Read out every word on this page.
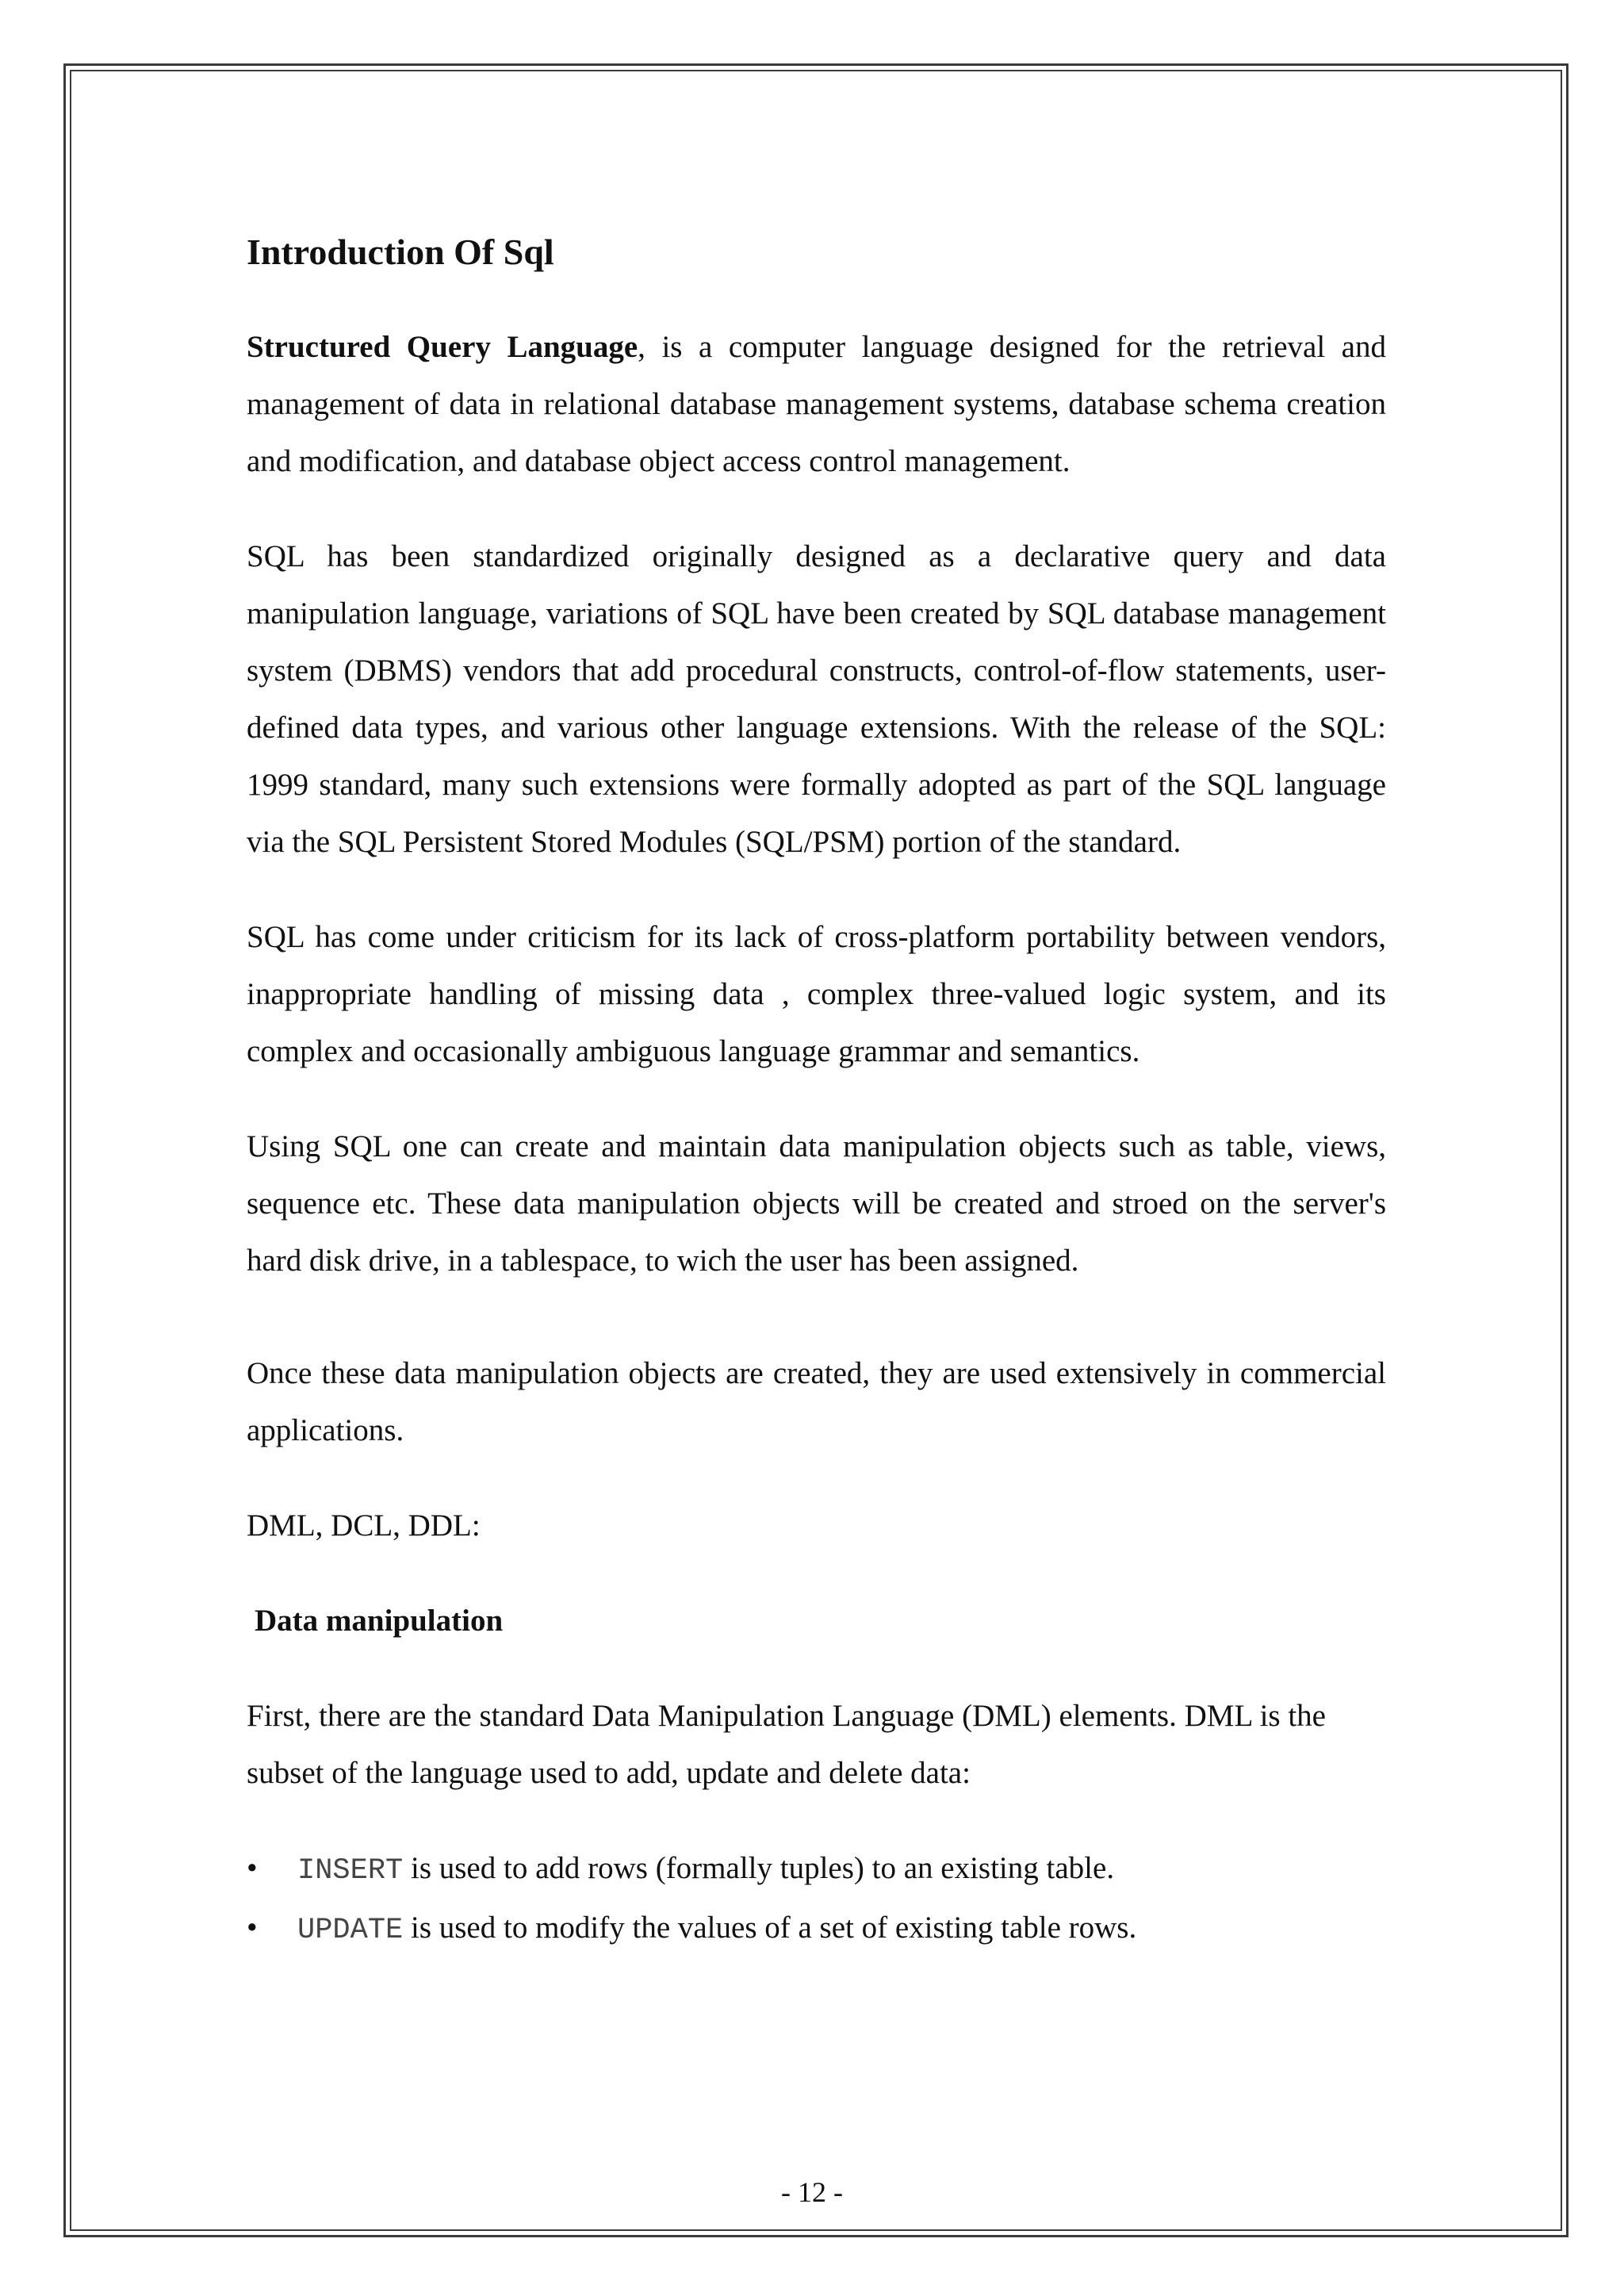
Introduction Of Sql

Structured Query Language, is a computer language designed for the retrieval and management of data in relational database management systems, database schema creation and modification, and database object access control management.

SQL has been standardized originally designed as a declarative query and data manipulation language, variations of SQL have been created by SQL database management system (DBMS) vendors that add procedural constructs, control-of-flow statements, user-defined data types, and various other language extensions. With the release of the SQL: 1999 standard, many such extensions were formally adopted as part of the SQL language via the SQL Persistent Stored Modules (SQL/PSM) portion of the standard.

SQL has come under criticism for its lack of cross-platform portability between vendors, inappropriate handling of missing data , complex three-valued logic system, and its complex and occasionally ambiguous language grammar and semantics.

Using SQL one can create and maintain data manipulation objects such as table, views, sequence etc. These data manipulation objects will be created and stroed on the server's hard disk drive, in a tablespace, to wich the user has been assigned.

Once these data manipulation objects are created, they are used extensively in commercial applications.

DML, DCL, DDL:

Data manipulation

First, there are the standard Data Manipulation Language (DML) elements. DML is the subset of the language used to add, update and delete data:

• INSERT is used to add rows (formally tuples) to an existing table.
• UPDATE is used to modify the values of a set of existing table rows.
- 12 -
